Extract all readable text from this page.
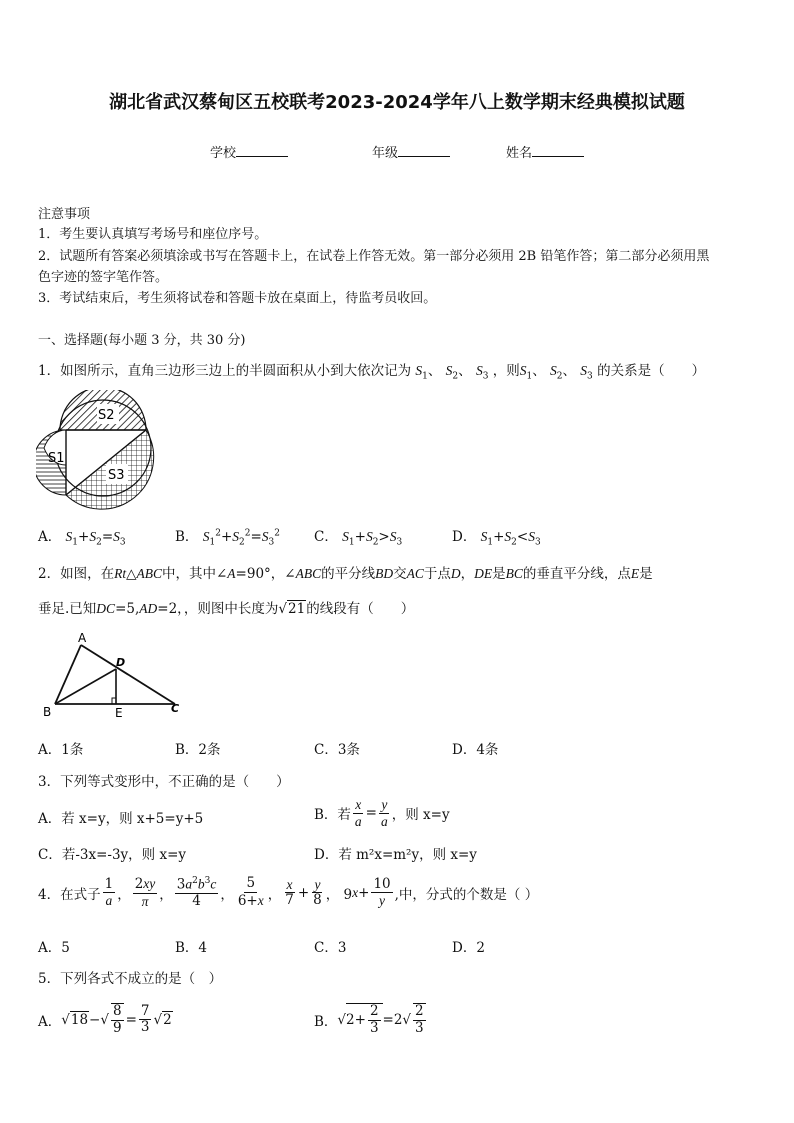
湖北省武汉蔡甸区五校联考2023-2024学年八上数学期末经典模拟试题
学校	年级	姓名
注意事项
1．考生要认真填写考场号和座位序号。
2．试题所有答案必须填涂或书写在答题卡上，在试卷上作答无效。第一部分必须用 2B 铅笔作答；第二部分必须用黑
色字迹的签字笔作答。
3．考试结束后，考生须将试卷和答题卡放在桌面上，待监考员收回。
一、选择题(每小题 3 分，共 30 分)
1．如图所示，直角三边形三边上的半圆面积从小到大依次记为 $S_1$、 $S_2$、 $S_3$ ，则$S_1$、 $S_2$、 $S_3$ 的关系是（　　）
S2
S1
S3
A． $S_1+S_2=S_3$	B． $S_1^2+S_2^2=S_3^2$	C． $S_1+S_2>S_3$	D． $S_1+S_2<S_3$
2．如图，在Rt△ABC中，其中∠A=90°，∠ABC的平分线BD交AC于点D，DE是BC的垂直平分线，点E是
垂足.已知DC=5,AD=2，，则图中长度为√21的线段有（　　）
A
D
B	E	C
A．1条	B．2条	C．3条	D．4条
3．下列等式变形中，不正确的是（　　）
A．若 x=y，则 x+5=y+5	B．若 $\frac{x}{a} = \frac{y}{a}$ ，则 x=y
C．若-3x=-3y，则 x=y	D．若 m²x=m²y，则 x=y
4．在式子 $\frac{1}{a}$ ， $\frac{2xy}{\pi}$ ， $\frac{3a^2b^3c}{4}$ ， $\frac{5}{6+x}$ ， $\frac{x}{7} + \frac{y}{8}$ ， 9 $x + \frac{10}{y}$ ,中，分式的个数是（ ）
A．5	B．4	C．3	D．2
5．下列各式不成立的是（　）
A． √ 18 −√ $\frac{8}{9} = \frac{7}{3}$ √ 2	B． √ $2+ \frac{2}{3} =2√ \frac{2}{3}$
